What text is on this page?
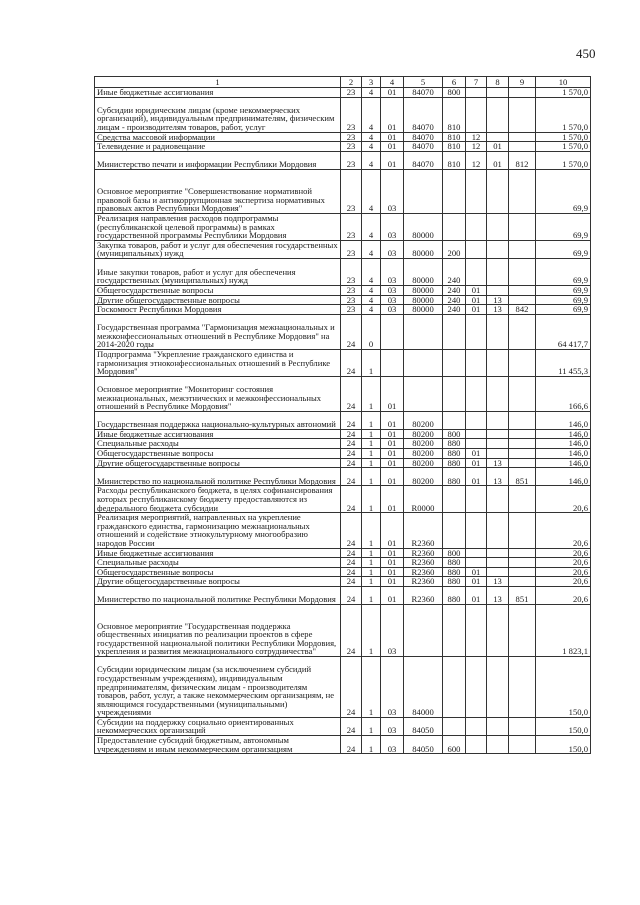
450
1	2	3	4	5	6	7	8	9	10
Иные бюджетные ассигнования	23	4	01	84070	800				1 570,0
Субсидии юридическим лицам (кроме некоммерческих организаций), индивидуальным предпринимателям, физическим лицам - производителям товаров, работ, услуг	23	4	01	84070	810				1 570,0
Средства массовой информации	23	4	01	84070	810	12			1 570,0
Телевидение и радиовещание	23	4	01	84070	810	12	01		1 570,0
Министерство печати и информации Республики Мордовия	23	4	01	84070	810	12	01	812	1 570,0
Основное мероприятие "Совершенствование нормативной правовой базы и антикоррупционная экспертиза нормативных правовых актов Республики Мордовия"	23	4	03						69,9
Реализация направления расходов подпрограммы (республиканской целевой программы) в рамках государственной программы Республики Мордовия	23	4	03	80000					69,9
Закупка товаров, работ и услуг для обеспечения государственных (муниципальных) нужд	23	4	03	80000	200				69,9
Иные закупки товаров, работ и услуг для обеспечения государственных (муниципальных) нужд	23	4	03	80000	240				69,9
Общегосударственные вопросы	23	4	03	80000	240	01			69,9
Другие общегосударственные вопросы	23	4	03	80000	240	01	13		69,9
Госкомюст Республики Мордовия	23	4	03	80000	240	01	13	842	69,9
Государственная программа "Гармонизация межнациональных и межконфессиональных отношений в Республике Мордовия" на 2014-2020 годы	24	0							64 417,7
Подпрограмма "Укрепление гражданского единства и гармонизация этноконфессиональных отношений в Республике Мордовия"	24	1							11 455,3
Основное мероприятие "Мониторинг состояния межнациональных, межэтнических и межконфессиональных отношений в Республике Мордовия"	24	1	01						166,6
Государственная поддержка национально-культурных автономий	24	1	01	80200					146,0
Иные бюджетные ассигнования	24	1	01	80200	800				146,0
Специальные расходы	24	1	01	80200	880				146,0
Общегосударственные вопросы	24	1	01	80200	880	01			146,0
Другие общегосударственные вопросы	24	1	01	80200	880	01	13		146,0
Министерство по национальной политике Республики Мордовия	24	1	01	80200	880	01	13	851	146,0
Расходы республиканского бюджета, в целях софинансирования которых республиканскому бюджету предоставляются из федерального бюджета субсидии	24	1	01	R0000					20,6
Реализация мероприятий, направленных на укрепление гражданского единства, гармонизацию межнациональных отношений и содействие этнокультурному многообразию народов России	24	1	01	R2360					20,6
Иные бюджетные ассигнования	24	1	01	R2360	800				20,6
Специальные расходы	24	1	01	R2360	880				20,6
Общегосударственные вопросы	24	1	01	R2360	880	01			20,6
Другие общегосударственные вопросы	24	1	01	R2360	880	01	13		20,6
Министерство по национальной политике Республики Мордовия	24	1	01	R2360	880	01	13	851	20,6
Основное мероприятие "Государственная поддержка общественных инициатив по реализации проектов в сфере государственной национальной политики Республики Мордовия, укрепления и развития межнационального сотрудничества"	24	1	03						1 823,1
Субсидии юридическим лицам (за исключением субсидий государственным учреждениям), индивидуальным предпринимателям, физическим лицам - производителям товаров, работ, услуг, а также некоммерческим организациям, не являющимся государственными (муниципальными) учреждениями	24	1	03	84000					150,0
Субсидии на поддержку социально ориентированных некоммерческих организаций	24	1	03	84050					150,0
Предоставление субсидий бюджетным, автономным учреждениям и иным некоммерческим организациям	24	1	03	84050	600				150,0
